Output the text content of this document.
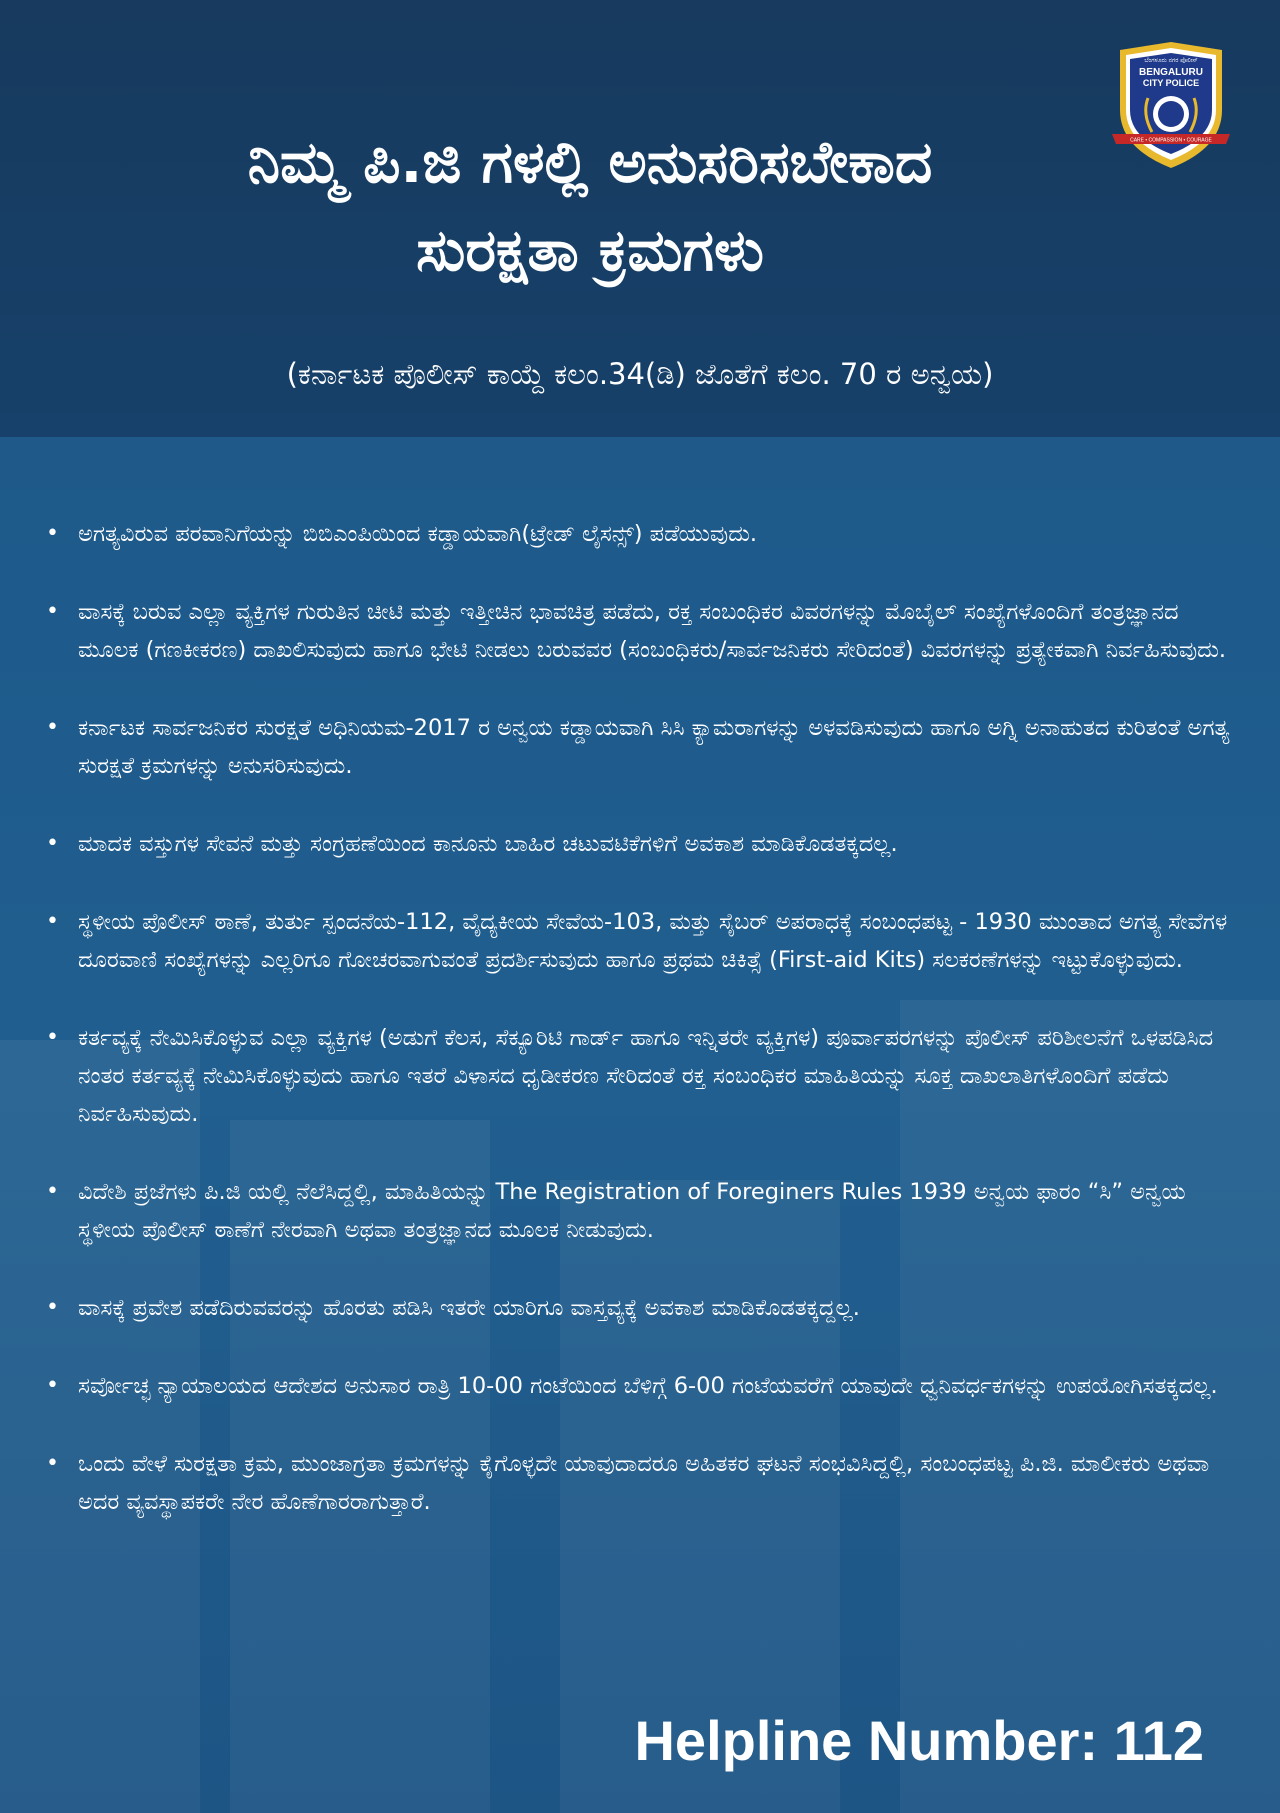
ನಿಮ್ಮ ಪಿ.ಜಿ ಗಳಲ್ಲಿ ಅನುಸರಿಸಬೇಕಾದ
ಸುರಕ್ಷತಾ ಕ್ರಮಗಳು

(ಕರ್ನಾಟಕ ಪೊಲೀಸ್ ಕಾಯ್ದೆ ಕಲಂ.34(ಡಿ) ಜೊತೆಗೆ ಕಲಂ. 70 ರ ಅನ್ವಯ)

ಬೆಂಗಳೂರು ನಗರ ಪೊಲೀಸ್
BENGALURU
CITY POLICE
CARE • COMPASSION • COURAGE
• ಅಗತ್ಯವಿರುವ ಪರವಾನಿಗೆಯನ್ನು ಬಿಬಿಎಂಪಿಯಿಂದ ಕಡ್ಡಾಯವಾಗಿ(ಟ್ರೇಡ್ ಲೈಸನ್ಸ್) ಪಡೆಯುವುದು.
• ವಾಸಕ್ಕೆ ಬರುವ ಎಲ್ಲಾ ವ್ಯಕ್ತಿಗಳ ಗುರುತಿನ ಚೀಟಿ ಮತ್ತು ಇತ್ತೀಚಿನ ಭಾವಚಿತ್ರ ಪಡೆದು, ರಕ್ತ ಸಂಬಂಧಿಕರ ವಿವರಗಳನ್ನು ಮೊಬೈಲ್ ಸಂಖ್ಯೆಗಳೊಂದಿಗೆ ತಂತ್ರಜ್ಞಾನದ ಮೂಲಕ (ಗಣಕೀಕರಣ) ದಾಖಲಿಸುವುದು ಹಾಗೂ ಭೇಟಿ ನೀಡಲು ಬರುವವರ (ಸಂಬಂಧಿಕರು/ಸಾರ್ವಜನಿಕರು ಸೇರಿದಂತೆ) ವಿವರಗಳನ್ನು ಪ್ರತ್ಯೇಕವಾಗಿ ನಿರ್ವಹಿಸುವುದು.
• ಕರ್ನಾಟಕ ಸಾರ್ವಜನಿಕರ ಸುರಕ್ಷತೆ ಅಧಿನಿಯಮ-2017 ರ ಅನ್ವಯ ಕಡ್ಡಾಯವಾಗಿ ಸಿಸಿ ಕ್ಯಾಮರಾಗಳನ್ನು ಅಳವಡಿಸುವುದು ಹಾಗೂ ಅಗ್ನಿ ಅನಾಹುತದ ಕುರಿತಂತೆ ಅಗತ್ಯ ಸುರಕ್ಷತೆ ಕ್ರಮಗಳನ್ನು ಅನುಸರಿಸುವುದು.
• ಮಾದಕ ವಸ್ತುಗಳ ಸೇವನೆ ಮತ್ತು ಸಂಗ್ರಹಣೆಯಿಂದ ಕಾನೂನು ಬಾಹಿರ ಚಟುವಟಿಕೆಗಳಿಗೆ ಅವಕಾಶ ಮಾಡಿಕೊಡತಕ್ಕದಲ್ಲ.
• ಸ್ಥಳೀಯ ಪೊಲೀಸ್ ಠಾಣೆ, ತುರ್ತು ಸ್ಪಂದನೆಯ-112, ವೈದ್ಯಕೀಯ ಸೇವೆಯ-103, ಮತ್ತು ಸೈಬರ್ ಅಪರಾಧಕ್ಕೆ ಸಂಬಂಧಪಟ್ಟ - 1930 ಮುಂತಾದ ಅಗತ್ಯ ಸೇವೆಗಳ ದೂರವಾಣಿ ಸಂಖ್ಯೆಗಳನ್ನು ಎಲ್ಲರಿಗೂ ಗೋಚರವಾಗುವಂತೆ ಪ್ರದರ್ಶಿಸುವುದು ಹಾಗೂ ಪ್ರಥಮ ಚಿಕಿತ್ಸೆ (First-aid Kits) ಸಲಕರಣೆಗಳನ್ನು ಇಟ್ಟುಕೊಳ್ಳುವುದು.
• ಕರ್ತವ್ಯಕ್ಕೆ ನೇಮಿಸಿಕೊಳ್ಳುವ ಎಲ್ಲಾ ವ್ಯಕ್ತಿಗಳ (ಅಡುಗೆ ಕೆಲಸ, ಸೆಕ್ಯೂರಿಟಿ ಗಾರ್ಡ್ ಹಾಗೂ ಇನ್ನಿತರೇ ವ್ಯಕ್ತಿಗಳ) ಪೂರ್ವಾಪರಗಳನ್ನು ಪೊಲೀಸ್ ಪರಿಶೀಲನೆಗೆ ಒಳಪಡಿಸಿದ ನಂತರ ಕರ್ತವ್ಯಕ್ಕೆ ನೇಮಿಸಿಕೊಳ್ಳುವುದು ಹಾಗೂ ಇತರೆ ವಿಳಾಸದ ಧೃಡೀಕರಣ ಸೇರಿದಂತೆ ರಕ್ತ ಸಂಬಂಧಿಕರ ಮಾಹಿತಿಯನ್ನು ಸೂಕ್ತ ದಾಖಲಾತಿಗಳೊಂದಿಗೆ ಪಡೆದು ನಿರ್ವಹಿಸುವುದು.
• ವಿದೇಶಿ ಪ್ರಜೆಗಳು ಪಿ.ಜಿ ಯಲ್ಲಿ ನೆಲೆಸಿದ್ದಲ್ಲಿ, ಮಾಹಿತಿಯನ್ನು The Registration of Foreginers Rules 1939 ಅನ್ವಯ ಫಾರಂ “ಸಿ” ಅನ್ವಯ ಸ್ಥಳೀಯ ಪೊಲೀಸ್ ಠಾಣೆಗೆ ನೇರವಾಗಿ ಅಥವಾ ತಂತ್ರಜ್ಞಾನದ ಮೂಲಕ ನೀಡುವುದು.
• ವಾಸಕ್ಕೆ ಪ್ರವೇಶ ಪಡೆದಿರುವವರನ್ನು ಹೊರತು ಪಡಿಸಿ ಇತರೇ ಯಾರಿಗೂ ವಾಸ್ತವ್ಯಕ್ಕೆ ಅವಕಾಶ ಮಾಡಿಕೊಡತಕ್ಕದ್ದಲ್ಲ.
• ಸರ್ವೋಚ್ಛ ನ್ಯಾಯಾಲಯದ ಆದೇಶದ ಅನುಸಾರ ರಾತ್ರಿ 10-00 ಗಂಟೆಯಿಂದ ಬೆಳಿಗ್ಗೆ 6-00 ಗಂಟೆಯವರೆಗೆ ಯಾವುದೇ ಧ್ವನಿವರ್ಧಕಗಳನ್ನು ಉಪಯೋಗಿಸತಕ್ಕದಲ್ಲ.
• ಒಂದು ವೇಳೆ ಸುರಕ್ಷತಾ ಕ್ರಮ, ಮುಂಜಾಗ್ರತಾ ಕ್ರಮಗಳನ್ನು ಕೈಗೊಳ್ಳದೇ ಯಾವುದಾದರೂ ಅಹಿತಕರ ಘಟನೆ ಸಂಭವಿಸಿದ್ದಲ್ಲಿ, ಸಂಬಂಧಪಟ್ಟ ಪಿ.ಜಿ. ಮಾಲೀಕರು ಅಥವಾ ಅದರ ವ್ಯವಸ್ಥಾಪಕರೇ ನೇರ ಹೊಣೆಗಾರರಾಗುತ್ತಾರೆ.

Helpline Number: 112
